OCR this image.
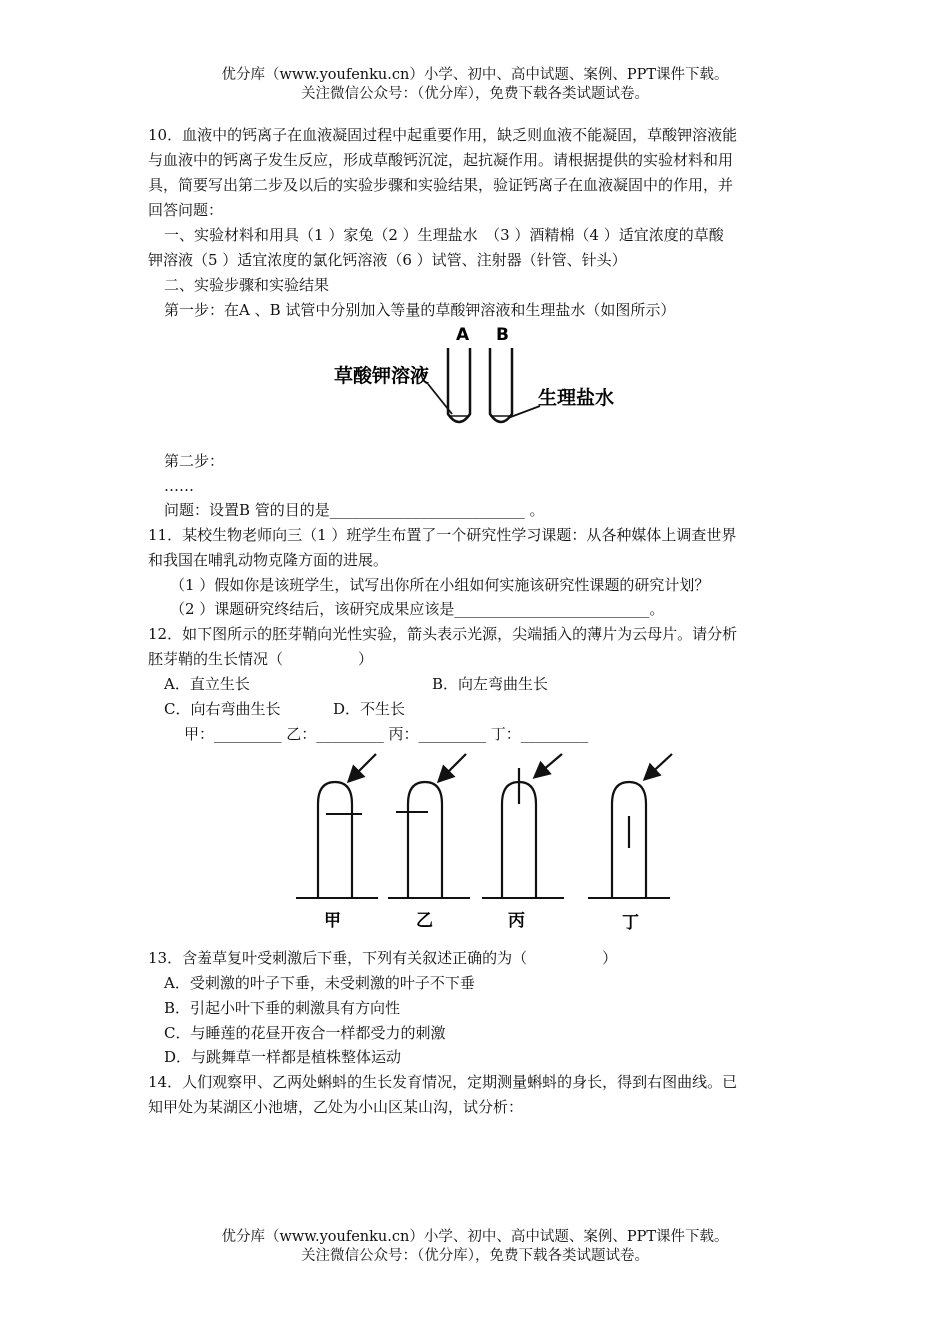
优分库（www.youfenku.cn）小学、初中、高中试题、案例、PPT课件下载。
关注微信公众号：（优分库），免费下载各类试题试卷。
10．血液中的钙离子在血液凝固过程中起重要作用，缺乏则血液不能凝固，草酸钾溶液能
与血液中的钙离子发生反应，形成草酸钙沉淀，起抗凝作用。请根据提供的实验材料和用
具，简要写出第二步及以后的实验步骤和实验结果，验证钙离子在血液凝固中的作用，并
回答问题：
一、实验材料和用具（1 ）家兔（2 ）生理盐水　（3 ）酒精棉（4 ）适宜浓度的草酸
钾溶液（5 ）适宜浓度的氯化钙溶液（6 ）试管、注射器（针管、针头）
二、实验步骤和实验结果
第一步：在A 、B 试管中分别加入等量的草酸钾溶液和生理盐水（如图所示）
A B
草酸钾溶液
生理盐水
第二步：
……
问题：设置B 管的目的是__________________________ 。
11．某校生物老师向三（1 ）班学生布置了一个研究性学习课题：从各种媒体上调查世界
和我国在哺乳动物克隆方面的进展。
（1 ）假如你是该班学生，试写出你所在小组如何实施该研究性课题的研究计划？
（2 ）课题研究终结后，该研究成果应该是__________________________。
12．如下图所示的胚芽鞘向光性实验，箭头表示光源，尖端插入的薄片为云母片。请分析
胚芽鞘的生长情况（　　　　　）
A．直立生长	B．向左弯曲生长
C．向右弯曲生长	D．不生长
甲：_________ 乙：_________ 丙：_________ 丁：_________
甲	乙	丙	丁
13．含羞草复叶受刺激后下垂，下列有关叙述正确的为（　　　　　）
A．受刺激的叶子下垂，未受刺激的叶子不下垂
B．引起小叶下垂的刺激具有方向性
C．与睡莲的花昼开夜合一样都受力的刺激
D．与跳舞草一样都是植株整体运动
14．人们观察甲、乙两处蝌蚪的生长发育情况，定期测量蝌蚪的身长，得到右图曲线。已
知甲处为某湖区小池塘，乙处为小山区某山沟，试分析：
优分库（www.youfenku.cn）小学、初中、高中试题、案例、PPT课件下载。
关注微信公众号：（优分库），免费下载各类试题试卷。
